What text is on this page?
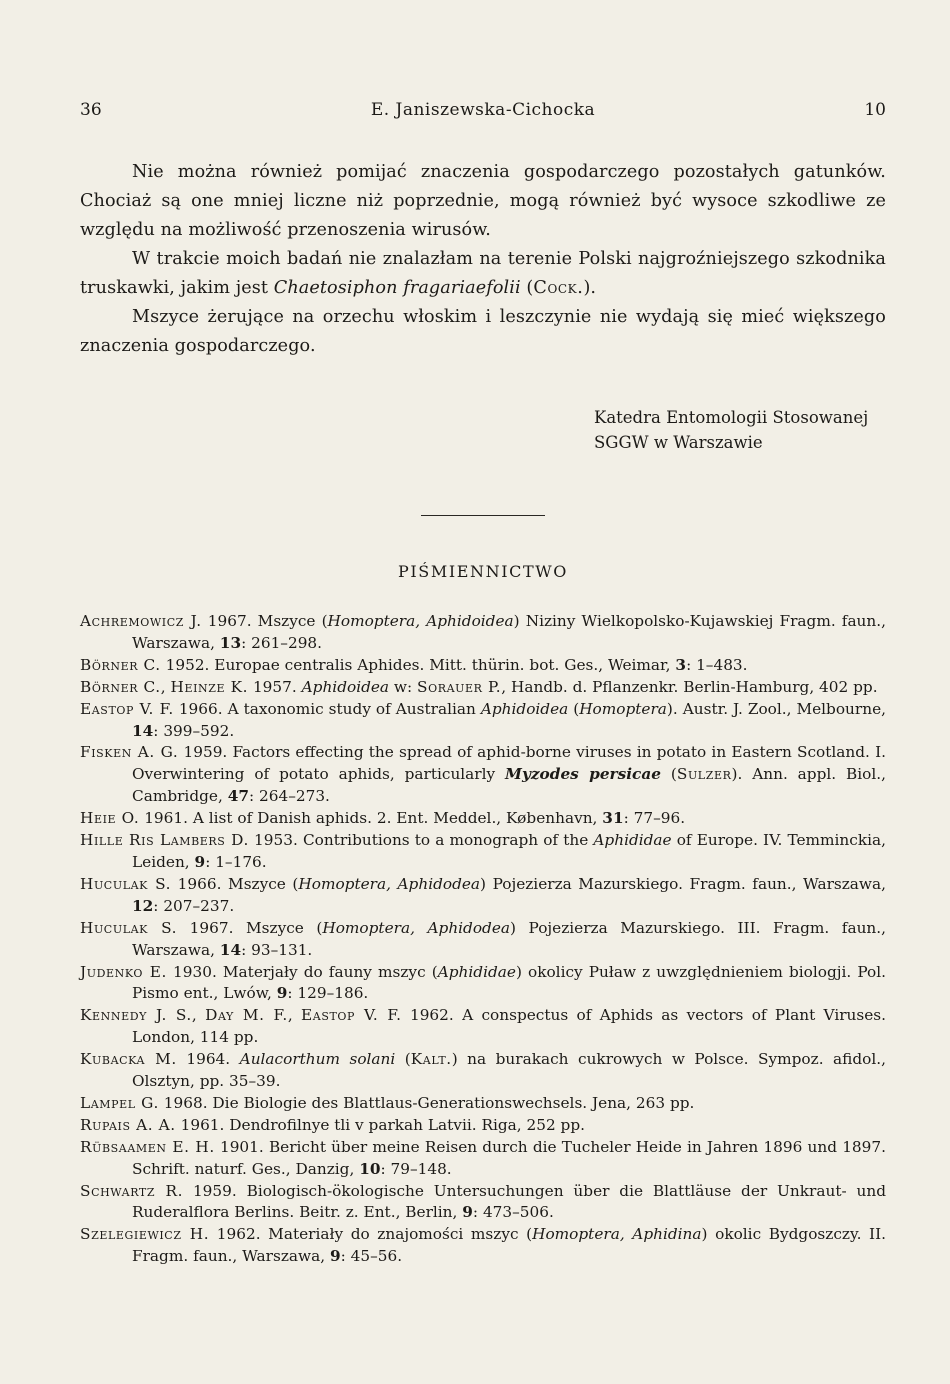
36	E. Janiszewska-Cichocka	10

Nie można również pomijać znaczenia gospodarczego pozostałych gatunków. Chociaż są one mniej liczne niż poprzednie, mogą również być wysoce szkodliwe ze względu na możliwość przenoszenia wirusów.

W trakcie moich badań nie znalazłam na terenie Polski najgroźniejszego szkodnika truskawki, jakim jest Chaetosiphon fragariaefolii (Cock.).

Mszyce żerujące na orzechu włoskim i leszczynie nie wydają się mieć większego znaczenia gospodarczego.

Katedra Entomologii Stosowanej
SGGW w Warszawie
PIŚMIENNICTWO
Achremowicz J. 1967. Mszyce (Homoptera, Aphidoidea) Niziny Wielkopolsko-Kujawskiej Fragm. faun., Warszawa, 13: 261–298.
Börner C. 1952. Europae centralis Aphides. Mitt. thürin. bot. Ges., Weimar, 3: 1–483.
Börner C., Heinze K. 1957. Aphidoidea w: Sorauer P., Handb. d. Pflanzenkr. Berlin-Hamburg, 402 pp.
Eastop V. F. 1966. A taxonomic study of Australian Aphidoidea (Homoptera). Austr. J. Zool., Melbourne, 14: 399–592.
Fisken A. G. 1959. Factors effecting the spread of aphid-borne viruses in potato in Eastern Scotland. I. Overwintering of potato aphids, particularly Myzodes persicae (Sulzer). Ann. appl. Biol., Cambridge, 47: 264–273.
Heie O. 1961. A list of Danish aphids. 2. Ent. Meddel., København, 31: 77–96.
Hille Ris Lambers D. 1953. Contributions to a monograph of the Aphididae of Europe. IV. Temminckia, Leiden, 9: 1–176.
Huculak S. 1966. Mszyce (Homoptera, Aphidodea) Pojezierza Mazurskiego. Fragm. faun., Warszawa, 12: 207–237.
Huculak S. 1967. Mszyce (Homoptera, Aphidodea) Pojezierza Mazurskiego. III. Fragm. faun., Warszawa, 14: 93–131.
Judenko E. 1930. Materjały do fauny mszyc (Aphididae) okolicy Puław z uwzględnieniem biologji. Pol. Pismo ent., Lwów, 9: 129–186.
Kennedy J. S., Day M. F., Eastop V. F. 1962. A conspectus of Aphids as vectors of Plant Viruses. London, 114 pp.
Kubacka M. 1964. Aulacorthum solani (Kalt.) na burakach cukrowych w Polsce. Sympoz. afidol., Olsztyn, pp. 35–39.
Lampel G. 1968. Die Biologie des Blattlaus-Generationswechsels. Jena, 263 pp.
Rupais A. A. 1961. Dendrofilnye tli v parkah Latvii. Riga, 252 pp.
Rübsaamen E. H. 1901. Bericht über meine Reisen durch die Tucheler Heide in Jahren 1896 und 1897. Schrift. naturf. Ges., Danzig, 10: 79–148.
Schwartz R. 1959. Biologisch-ökologische Untersuchungen über die Blattläuse der Unkraut- und Ruderalflora Berlins. Beitr. z. Ent., Berlin, 9: 473–506.
Szelegiewicz H. 1962. Materiały do znajomości mszyc (Homoptera, Aphidina) okolic Bydgoszczy. II. Fragm. faun., Warszawa, 9: 45–56.
